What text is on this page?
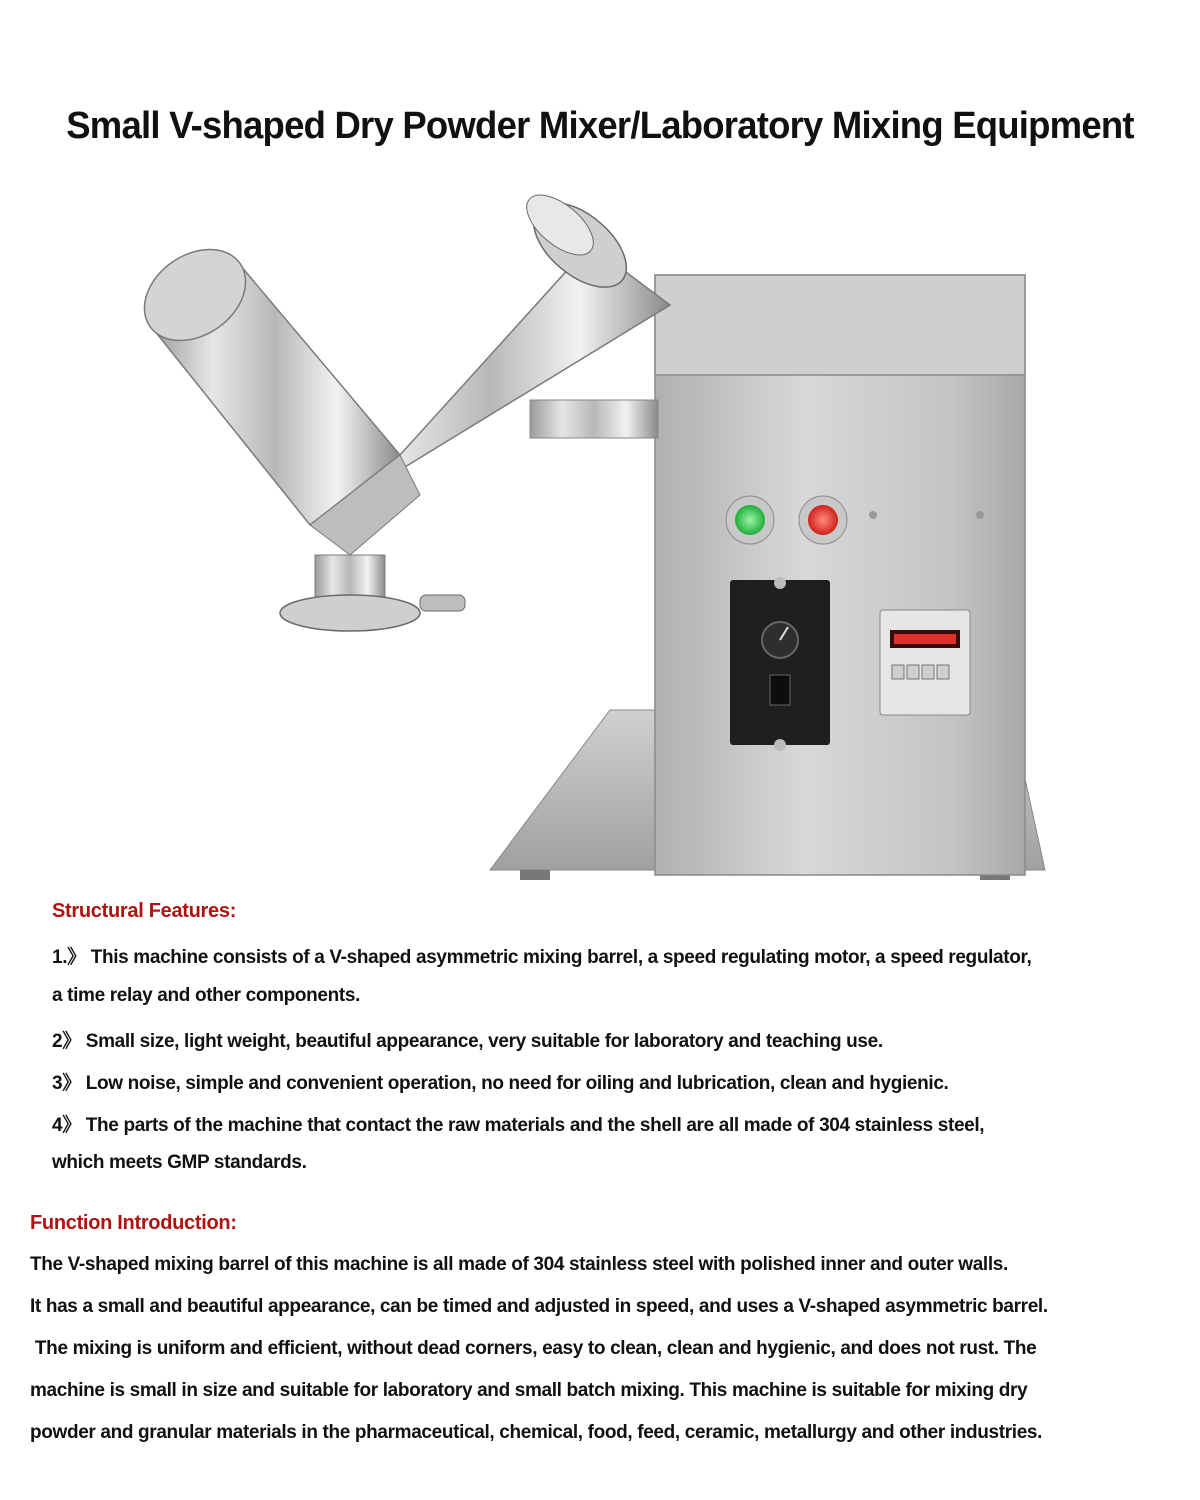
Small V-shaped Dry Powder Mixer/Laboratory Mixing Equipment
Structural Features:
1.》 This machine consists of a V-shaped asymmetric mixing barrel, a speed regulating motor, a speed regulator,
a time relay and other components.
2》 Small size, light weight, beautiful appearance, very suitable for laboratory and teaching use.
3》 Low noise, simple and convenient operation, no need for oiling and lubrication, clean and hygienic.
4》 The parts of the machine that contact the raw materials and the shell are all made of 304 stainless steel,
which meets GMP standards.
Function Introduction:
The V-shaped mixing barrel of this machine is all made of 304 stainless steel with polished inner and outer walls.
It has a small and beautiful appearance, can be timed and adjusted in speed, and uses a V-shaped asymmetric barrel.
The mixing is uniform and efficient, without dead corners, easy to clean, clean and hygienic, and does not rust. The
machine is small in size and suitable for laboratory and small batch mixing. This machine is suitable for mixing dry
powder and granular materials in the pharmaceutical, chemical, food, feed, ceramic, metallurgy and other industries.
